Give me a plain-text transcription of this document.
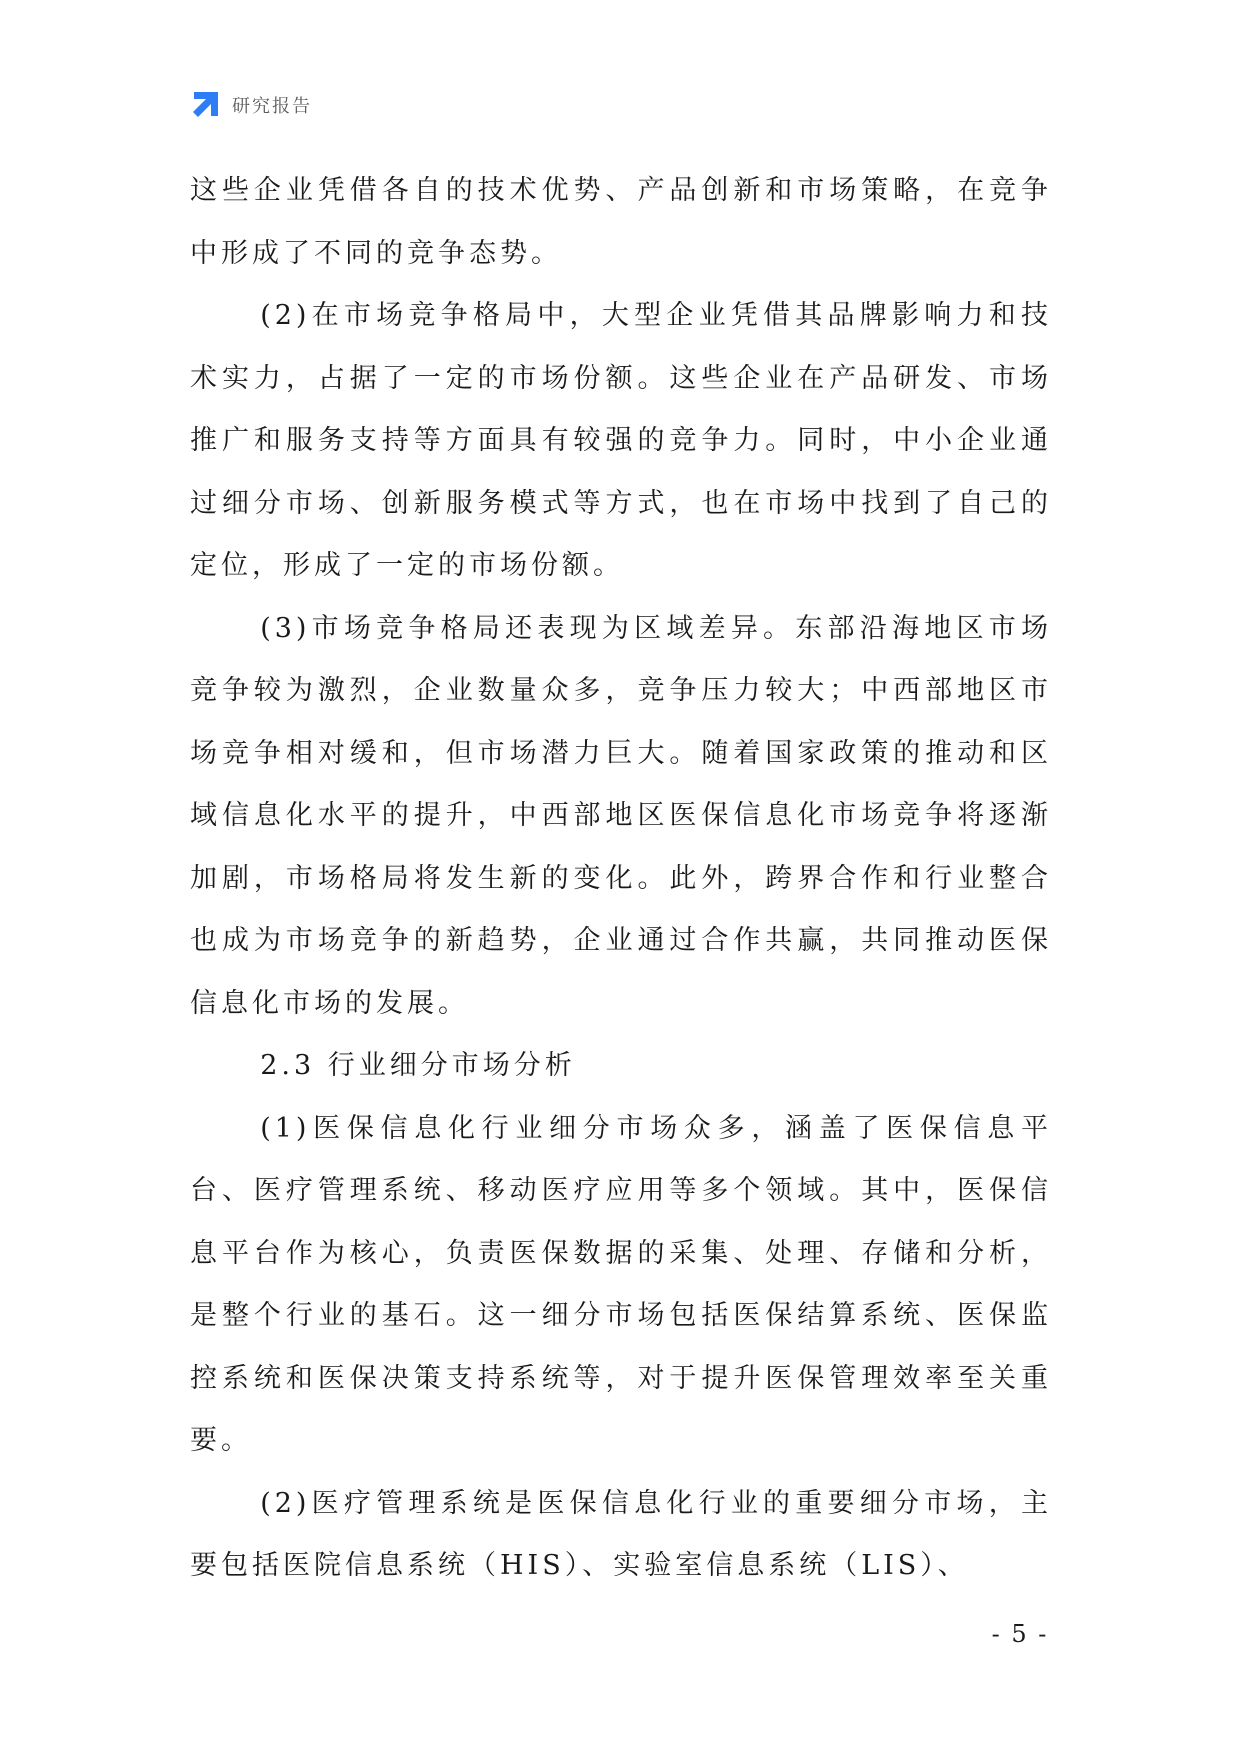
研究报告

这些企业凭借各自的技术优势、产品创新和市场策略，在竞争中形成了不同的竞争态势。

(2)在市场竞争格局中，大型企业凭借其品牌影响力和技术实力，占据了一定的市场份额。这些企业在产品研发、市场推广和服务支持等方面具有较强的竞争力。同时，中小企业通过细分市场、创新服务模式等方式，也在市场中找到了自己的定位，形成了一定的市场份额。

(3)市场竞争格局还表现为区域差异。东部沿海地区市场竞争较为激烈，企业数量众多，竞争压力较大；中西部地区市场竞争相对缓和，但市场潜力巨大。随着国家政策的推动和区域信息化水平的提升，中西部地区医保信息化市场竞争将逐渐加剧，市场格局将发生新的变化。此外，跨界合作和行业整合也成为市场竞争的新趋势，企业通过合作共赢，共同推动医保信息化市场的发展。

2.3 行业细分市场分析

(1)医保信息化行业细分市场众多，涵盖了医保信息平台、医疗管理系统、移动医疗应用等多个领域。其中，医保信息平台作为核心，负责医保数据的采集、处理、存储和分析，是整个行业的基石。这一细分市场包括医保结算系统、医保监控系统和医保决策支持系统等，对于提升医保管理效率至关重要。

(2)医疗管理系统是医保信息化行业的重要细分市场，主要包括医院信息系统（HIS）、实验室信息系统（LIS）、

- 5 -
